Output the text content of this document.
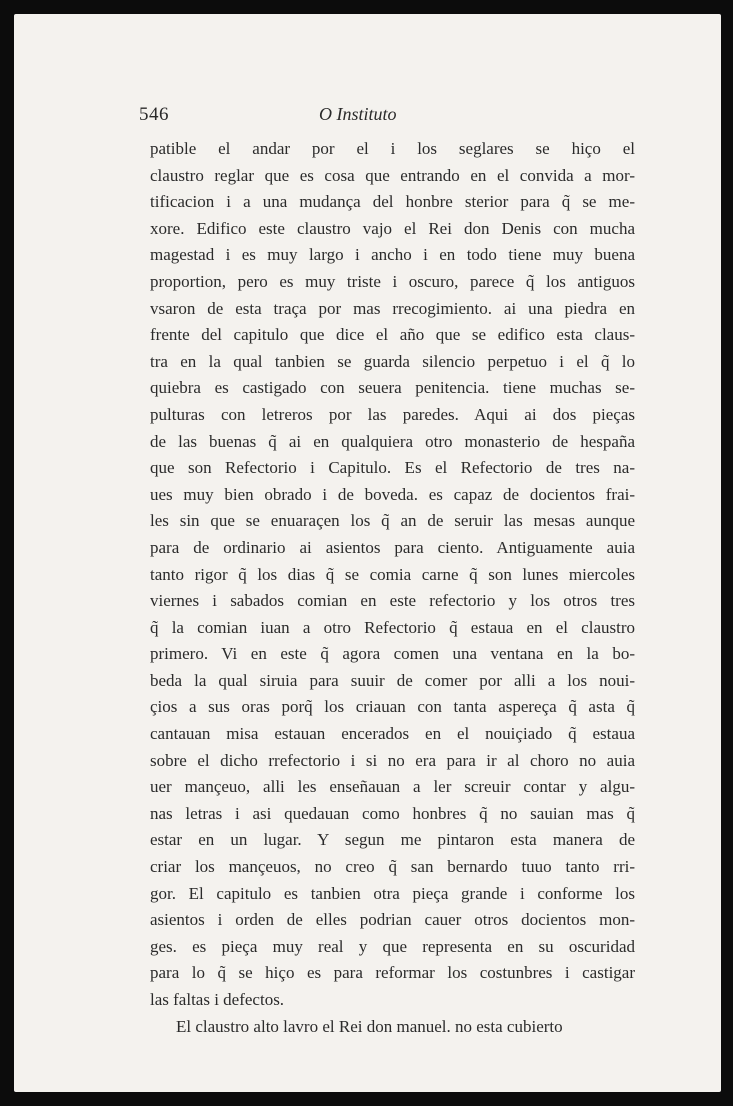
546	O Instituto
patible el andar por el i los seglares se hiço el
claustro reglar que es cosa que entrando en el convida a mor-
tificacion i a una mudança del honbre sterior para q̃ se me-
xore. Edifico este claustro vajo el Rei don Denis con mucha
magestad i es muy largo i ancho i en todo tiene muy buena
proportion, pero es muy triste i oscuro, parece q̃ los antiguos
vsaron de esta traça por mas rrecogimiento. ai una piedra en
frente del capitulo que dice el año que se edifico esta claus-
tra en la qual tanbien se guarda silencio perpetuo i el q̃ lo
quiebra es castigado con seuera penitencia. tiene muchas se-
pulturas con letreros por las paredes. Aqui ai dos pieças
de las buenas q̃ ai en qualquiera otro monasterio de hespaña
que son Refectorio i Capitulo. Es el Refectorio de tres na-
ues muy bien obrado i de boveda. es capaz de docientos frai-
les sin que se enuaraçen los q̃ an de seruir las mesas aunque
para de ordinario ai asientos para ciento. Antiguamente auia
tanto rigor q̃ los dias q̃ se comia carne q̃ son lunes miercoles
viernes i sabados comian en este refectorio y los otros tres
q̃ la comian iuan a otro Refectorio q̃ estaua en el claustro
primero. Vi en este q̃ agora comen una ventana en la bo-
beda la qual siruia para suuir de comer por alli a los noui-
çios a sus oras porq̃ los criauan con tanta aspereça q̃ asta q̃
cantauan misa estauan encerados en el nouiçiado q̃ estaua
sobre el dicho rrefectorio i si no era para ir al choro no auia
uer mançeuo, alli les enseñauan a ler screuir contar y algu-
nas letras i asi quedauan como honbres q̃ no sauian mas q̃
estar en un lugar. Y segun me pintaron esta manera de
criar los mançeuos, no creo q̃ san bernardo tuuo tanto rri-
gor. El capitulo es tanbien otra pieça grande i conforme los
asientos i orden de elles podrian cauer otros docientos mon-
ges. es pieça muy real y que representa en su oscuridad
para lo q̃ se hiço es para reformar los costunbres i castigar
las faltas i defectos.
El claustro alto lavro el Rei don manuel. no esta cubierto
